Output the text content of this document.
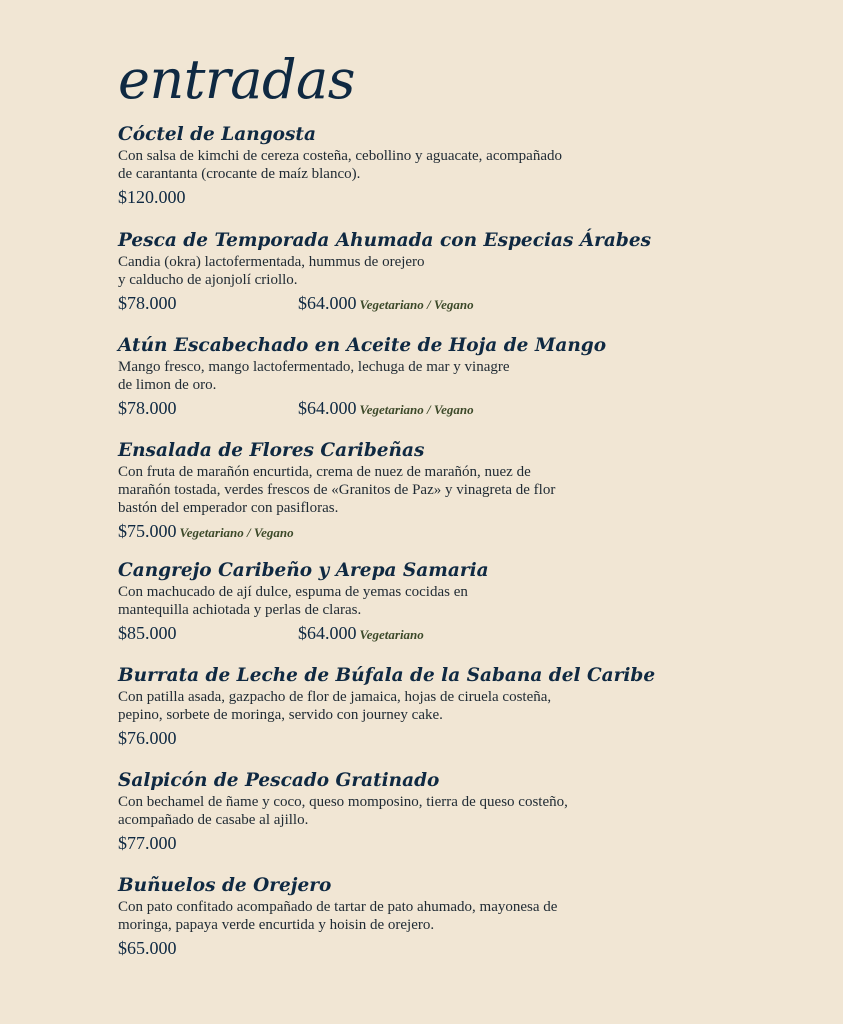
entradas
Cóctel de Langosta

Con salsa de kimchi de cereza costeña, cebollino y aguacate, acompañado
de carantanta (crocante de maíz blanco).

$120.000
Pesca de Temporada Ahumada con Especias Árabes

Candia (okra) lactofermentada, hummus de orejero
y calducho de ajonjolí criollo.

$78.000	$64.000 Vegetariano / Vegano
Atún Escabechado en Aceite de Hoja de Mango

Mango fresco, mango lactofermentado, lechuga de mar y vinagre
de limon de oro.

$78.000	$64.000 Vegetariano / Vegano
Ensalada de Flores Caribeñas

Con fruta de marañón encurtida, crema de nuez de marañón, nuez de
marañón tostada, verdes frescos de «Granitos de Paz» y vinagreta de flor
bastón del emperador con pasifloras.

$75.000 Vegetariano / Vegano
Cangrejo Caribeño y Arepa Samaria

Con machucado de ají dulce, espuma de yemas cocidas en
mantequilla achiotada y perlas de claras.

$85.000	$64.000 Vegetariano
Burrata de Leche de Búfala de la Sabana del Caribe

Con patilla asada, gazpacho de flor de jamaica, hojas de ciruela costeña,
pepino, sorbete de moringa, servido con journey cake.

$76.000
Salpicón de Pescado Gratinado

Con bechamel de ñame y coco, queso momposino, tierra de queso costeño,
acompañado de casabe al ajillo.

$77.000
Buñuelos de Orejero

Con pato confitado acompañado de tartar de pato ahumado, mayonesa de
moringa, papaya verde encurtida y hoisin de orejero.

$65.000
